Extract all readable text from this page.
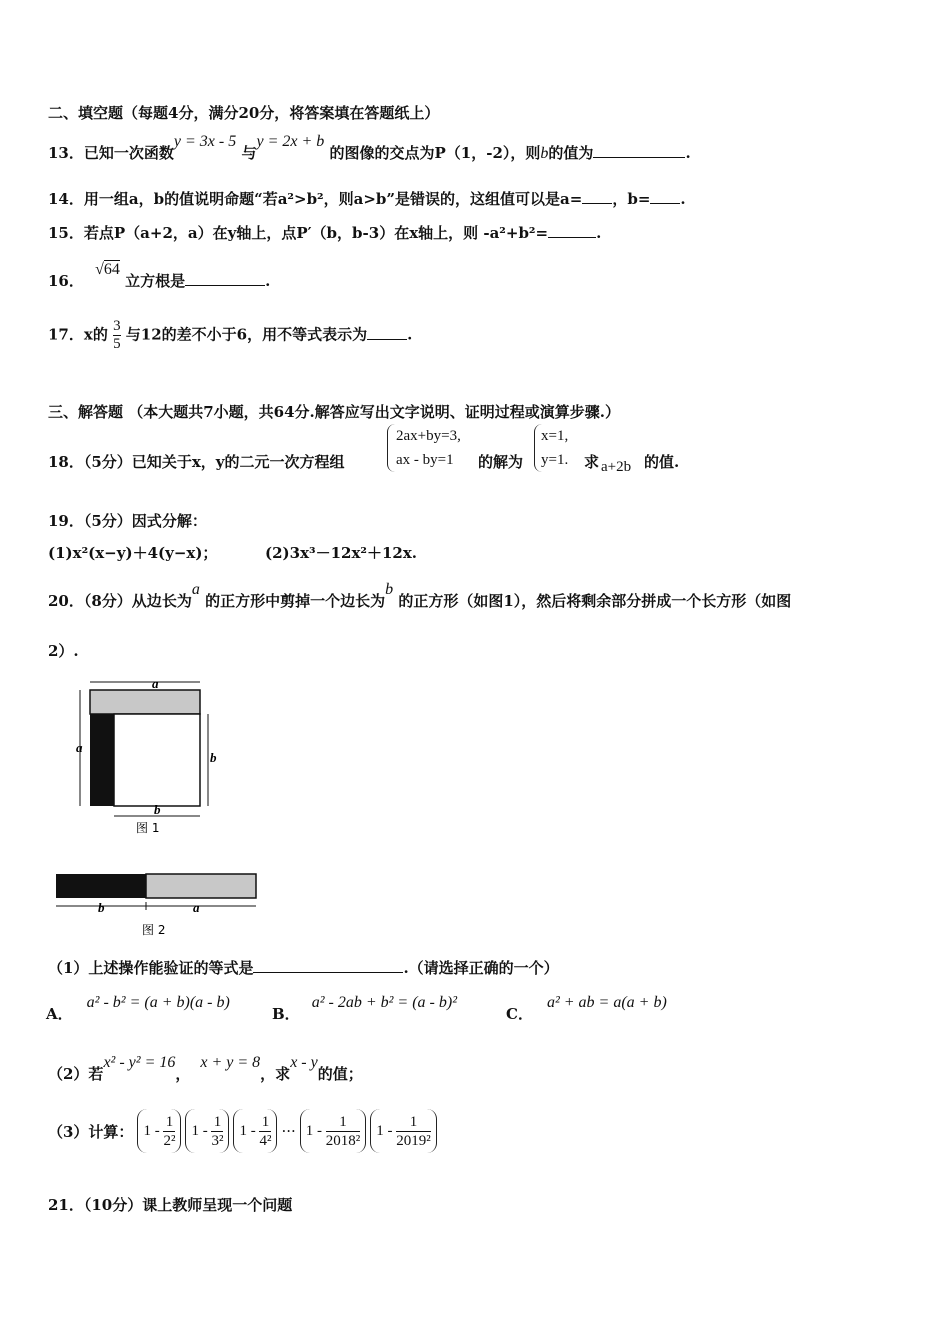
二、填空题（每题4分，满分20分，将答案填在答题纸上）
13．已知一次函数y = 3x - 5 与y = 2x + b 的图像的交点为P（1，-2），则b的值为	.
14．用一组a，b的值说明命题“若a²>b²，则a>b”是错误的，这组值可以是a= ，b= .
15．若点P（a+2，a）在y轴上，点P′（b，b-3）在x轴上，则 -a²+b²=	.
16． √64 立方根是	.
17．x的 $\frac{3}{5}$ 与12的差不小于6，用不等式表示为	.
三、解答题 （本大题共7小题，共64分.解答应写出文字说明、证明过程或演算步骤.）
18．（5分）已知关于x，y的二元一次方程组
2ax+by=3,
ax - by=1	的解为
x=1,
y=1. 求 a+2b 的值.
19．（5分）因式分解：
(1)x²(x−y)＋4(y−x)；	(2)3x³－12x²＋12x.
20．（8分）从边长为a 的正方形中剪掉一个边长为b 的正方形（如图1），然后将剩余部分拼成一个长方形（如图
2）.
a
a
b
b
图 1
b	a
图 2
（1）上述操作能验证的等式是	.（请选择正确的一个）
A．a² - b² = (a + b)(a - b)
B．a² - 2ab + b² = (a - b)²
C．a² + ab = a(a + b)
（2）若x² - y² = 16，x + y = 8，求x - y的值；
（3）计算： $1 - \frac{1}{\text{2²}}$	$1 - \frac{1}{\text{3²}}$	$1 - \frac{1}{\text{4²}}$ ··· $1 - \frac{1}{\text{2018²}}$	$1 - \frac{1}{\text{2019²}}$
21．（10分）课上教师呈现一个问题
